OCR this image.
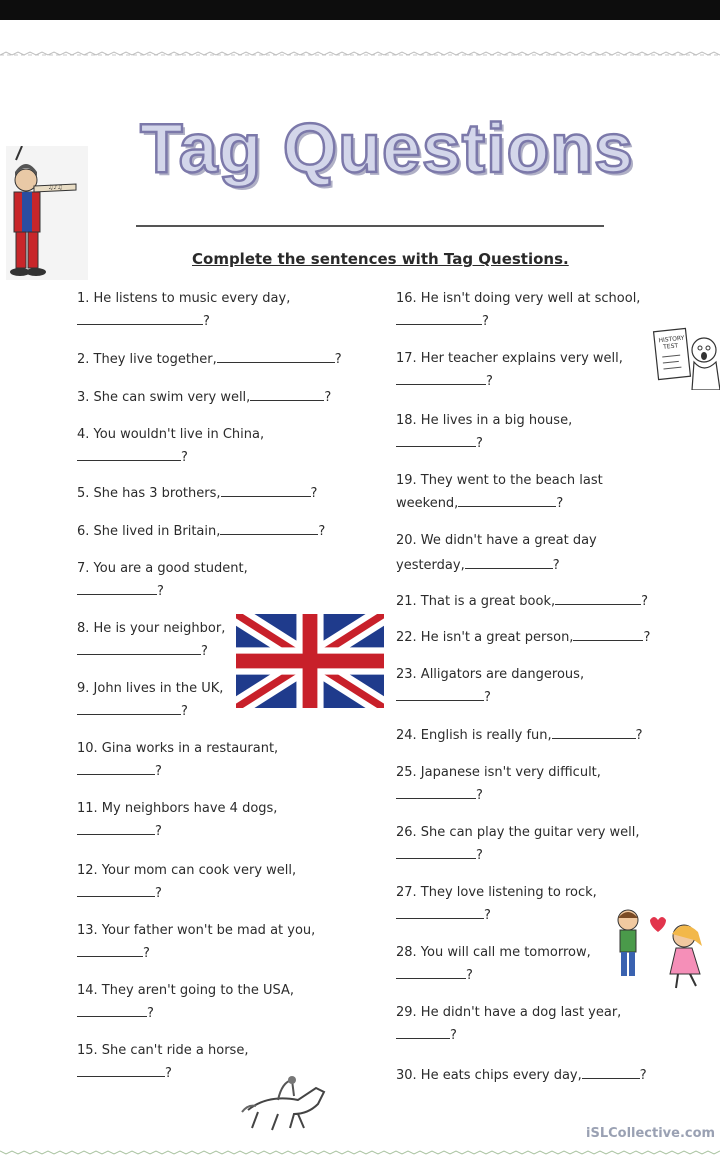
♫♪♫
Tag Questions
Complete the sentences with Tag Questions.
1. He listens to music every day,
?
2. They live together,	?
3. She can swim very well,	?
4. You wouldn't live in China,
?
5. She has 3 brothers,	?
6. She lived in Britain,	?
7. You are a good student,
?
8. He is your neighbor,
?
9. John lives in the UK,
?
10. Gina works in a restaurant,
?
11. My neighbors have 4 dogs,
?
12. Your mom can cook very well,
?
13. Your father won't be mad at you,
?
14. They aren't going to the USA,
?
15. She can't ride a horse,
?
16. He isn't doing very well at school,
?
17. Her teacher explains very well,
?
18. He lives in a big house,
?
19. They went to the beach last
weekend,	?
20. We didn't have a great day
yesterday,	?
21. That is a great book,	?
22. He isn't a great person,	?
23. Alligators are dangerous,
?
24. English is really fun,	?
25. Japanese isn't very difficult,
?
26. She can play the guitar very well,
?
27. They love listening to rock,
?
28. You will call me tomorrow,
?
29. He didn't have a dog last year,
?
30. He eats chips every day,	?
HISTORY
TEST
iSLCollective.com
